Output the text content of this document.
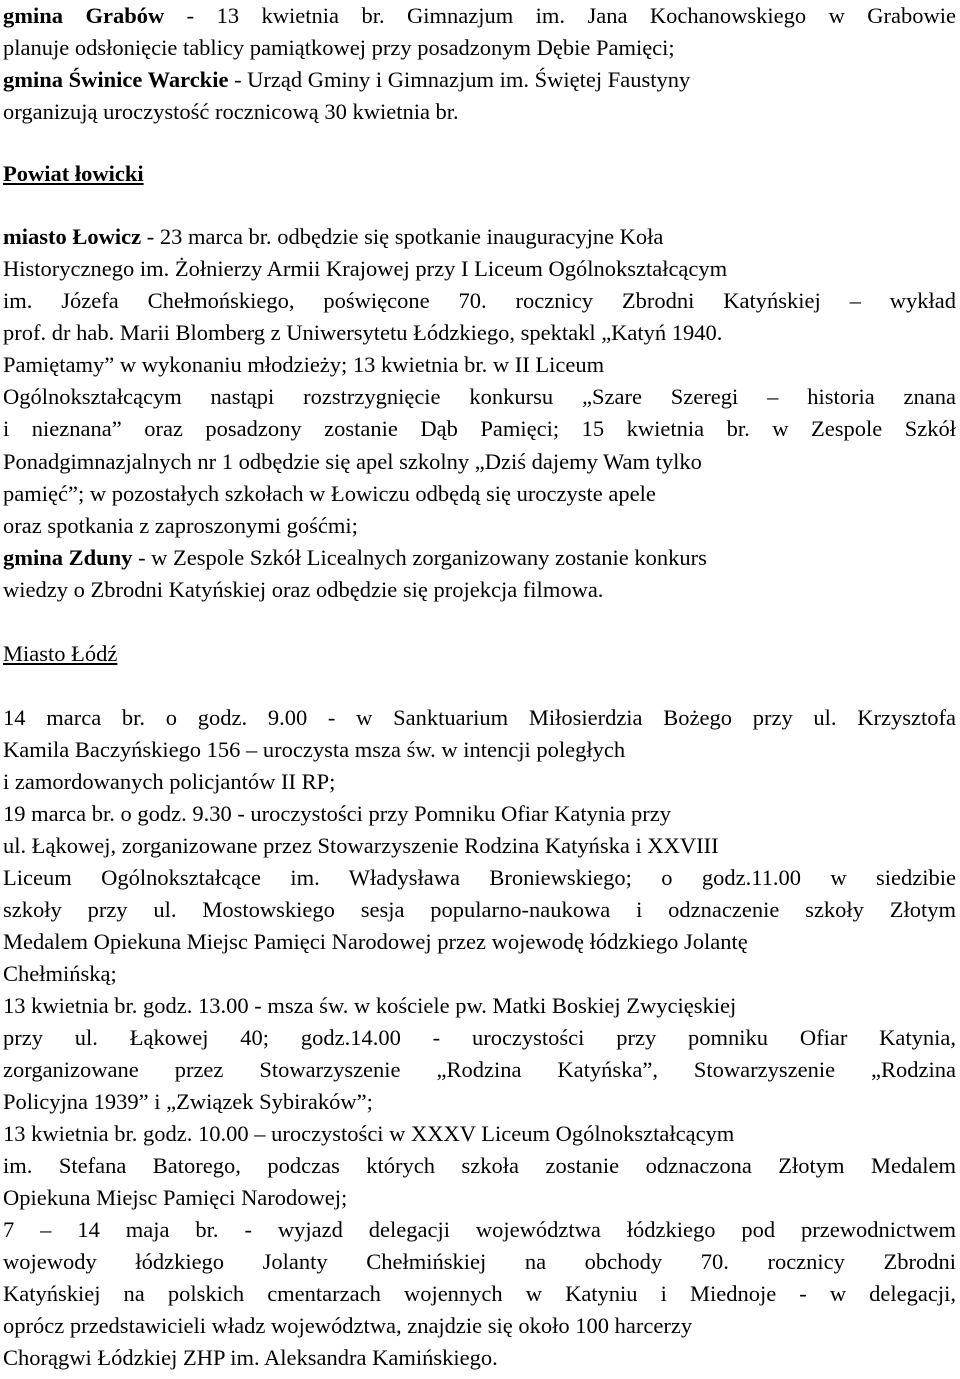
gmina Grabów - 13 kwietnia br. Gimnazjum im. Jana Kochanowskiego w Grabowie
planuje odsłonięcie tablicy pamiątkowej przy posadzonym Dębie Pamięci;
gmina Świnice Warckie - Urząd Gminy i Gimnazjum im. Świętej Faustyny
organizują uroczystość rocznicową 30 kwietnia br.
Powiat łowicki
miasto Łowicz - 23 marca br. odbędzie się spotkanie inauguracyjne Koła
Historycznego im. Żołnierzy Armii Krajowej przy I Liceum Ogólnokształcącym
im. Józefa Chełmońskiego, poświęcone 70. rocznicy Zbrodni Katyńskiej – wykład
prof. dr hab. Marii Blomberg z Uniwersytetu Łódzkiego, spektakl „Katyń 1940.
Pamiętamy” w wykonaniu młodzieży; 13 kwietnia br. w II Liceum
Ogólnokształcącym nastąpi rozstrzygnięcie konkursu „Szare Szeregi – historia znana
i nieznana” oraz posadzony zostanie Dąb Pamięci; 15 kwietnia br. w Zespole Szkół
Ponadgimnazjalnych nr 1 odbędzie się apel szkolny „Dziś dajemy Wam tylko
pamięć”; w pozostałych szkołach w Łowiczu odbędą się uroczyste apele
oraz spotkania z zaproszonymi gośćmi;
gmina Zduny - w Zespole Szkół Licealnych zorganizowany zostanie konkurs
wiedzy o Zbrodni Katyńskiej oraz odbędzie się projekcja filmowa.
Miasto Łódź
14 marca br. o godz. 9.00 - w Sanktuarium Miłosierdzia Bożego przy ul. Krzysztofa
Kamila Baczyńskiego 156 – uroczysta msza św. w intencji poległych
i zamordowanych policjantów II RP;
19 marca br. o godz. 9.30 - uroczystości przy Pomniku Ofiar Katynia przy
ul. Łąkowej, zorganizowane przez Stowarzyszenie Rodzina Katyńska i XXVIII
Liceum Ogólnokształcące im. Władysława Broniewskiego; o godz.11.00 w siedzibie
szkoły przy ul. Mostowskiego sesja popularno-naukowa i odznaczenie szkoły Złotym
Medalem Opiekuna Miejsc Pamięci Narodowej przez wojewodę łódzkiego Jolantę
Chełmińską;
13 kwietnia br. godz. 13.00 - msza św. w kościele pw. Matki Boskiej Zwycięskiej
przy ul. Łąkowej 40; godz.14.00 - uroczystości przy pomniku Ofiar Katynia,
zorganizowane przez Stowarzyszenie „Rodzina Katyńska”, Stowarzyszenie „Rodzina
Policyjna 1939” i „Związek Sybiraków”;
13 kwietnia br. godz. 10.00 – uroczystości w XXXV Liceum Ogólnokształcącym
im. Stefana Batorego, podczas których szkoła zostanie odznaczona Złotym Medalem
Opiekuna Miejsc Pamięci Narodowej;
7 – 14 maja br. - wyjazd delegacji województwa łódzkiego pod przewodnictwem
wojewody łódzkiego Jolanty Chełmińskiej na obchody 70. rocznicy Zbrodni
Katyńskiej na polskich cmentarzach wojennych w Katyniu i Miednoje - w delegacji,
oprócz przedstawicieli władz województwa, znajdzie się około 100 harcerzy
Chorągwi Łódzkiej ZHP im. Aleksandra Kamińskiego.
